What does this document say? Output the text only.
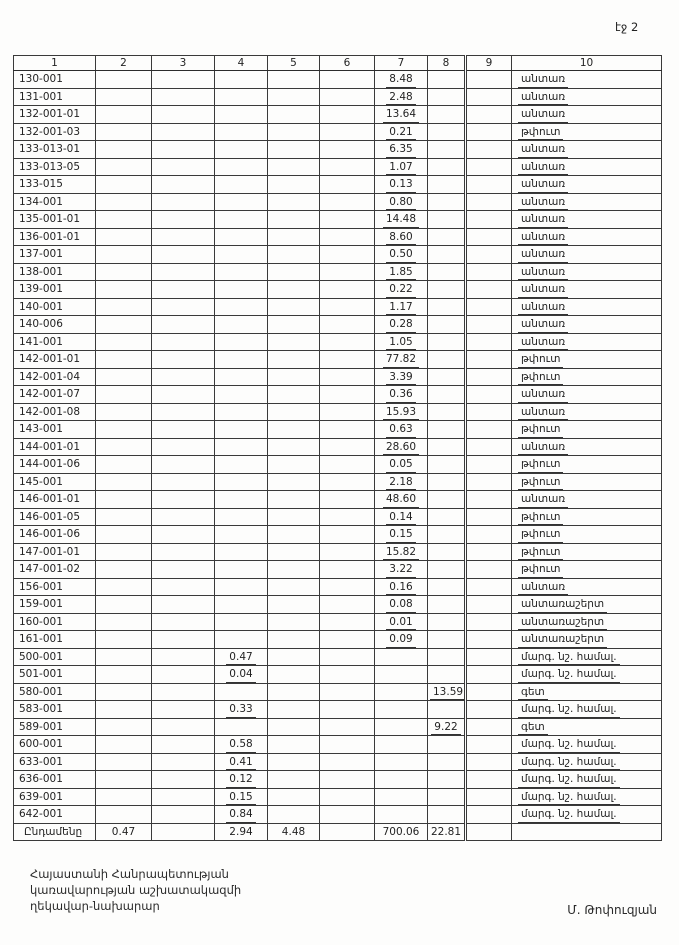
էջ 2
1	2	3	4	5	6	7	8	9	10
130-001						8.48			անտառ
131-001						2.48			անտառ
132-001-01						13.64			անտառ
132-001-03						0.21			թփուտ
133-013-01						6.35			անտառ
133-013-05						1.07			անտառ
133-015						0.13			անտառ
134-001						0.80			անտառ
135-001-01						14.48			անտառ
136-001-01						8.60			անտառ
137-001						0.50			անտառ
138-001						1.85			անտառ
139-001						0.22			անտառ
140-001						1.17			անտառ
140-006						0.28			անտառ
141-001						1.05			անտառ
142-001-01						77.82			թփուտ
142-001-04						3.39			թփուտ
142-001-07						0.36			անտառ
142-001-08						15.93			անտառ
143-001						0.63			թփուտ
144-001-01						28.60			անտառ
144-001-06						0.05			թփուտ
145-001						2.18			թփուտ
146-001-01						48.60			անտառ
146-001-05						0.14			թփուտ
146-001-06						0.15			թփուտ
147-001-01						15.82			թփուտ
147-001-02						3.22			թփուտ
156-001						0.16			անտառ
159-001						0.08			անտառաշերտ
160-001						0.01			անտառաշերտ
161-001						0.09			անտառաշերտ
500-001			0.47						մարգ. նշ. համալ.
501-001			0.04						մարգ. նշ. համալ.
580-001							13.59		գետ
583-001			0.33						մարգ. նշ. համալ.
589-001							9.22		գետ
600-001			0.58						մարգ. նշ. համալ.
633-001			0.41						մարգ. նշ. համալ.
636-001			0.12						մարգ. նշ. համալ.
639-001			0.15						մարգ. նշ. համալ.
642-001			0.84						մարգ. նշ. համալ.
Ընդամենը	0.47		2.94	4.48		700.06	22.81		
Հայաստանի Հանրապետության
կառավարության աշխատակազմի
ղեկավար-նախարար	Մ. Թոփուզյան
